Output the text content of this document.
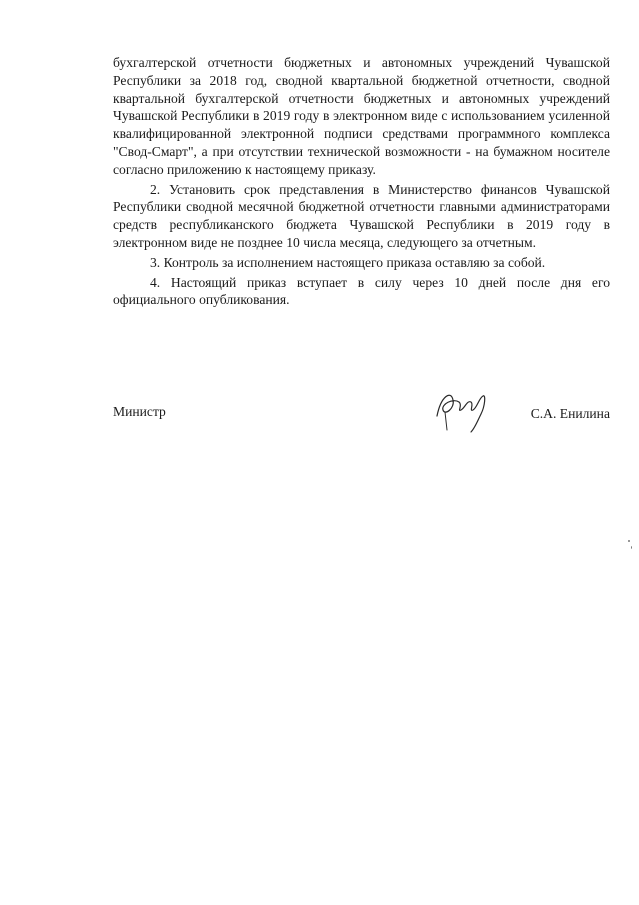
бухгалтерской отчетности бюджетных и автономных учреждений Чувашской Республики за 2018 год, сводной квартальной бюджетной отчетности, сводной квартальной бухгалтерской отчетности бюджетных и автономных учреждений Чувашской Республики в 2019 году в электронном виде с использованием усиленной квалифицированной электронной подписи средствами программного комплекса "Свод-Смарт", а при отсутствии технической возможности - на бумажном носителе согласно приложению к настоящему приказу.

2. Установить срок представления в Министерство финансов Чувашской Республики сводной месячной бюджетной отчетности главными администраторами средств республиканского бюджета Чувашской Республики в 2019 году в электронном виде не позднее 10 числа месяца, следующего за отчетным.

3. Контроль за исполнением настоящего приказа оставляю за собой.

4. Настоящий приказ вступает в силу через 10 дней после дня его официального опубликования.

Министр	С.А. Енилина
